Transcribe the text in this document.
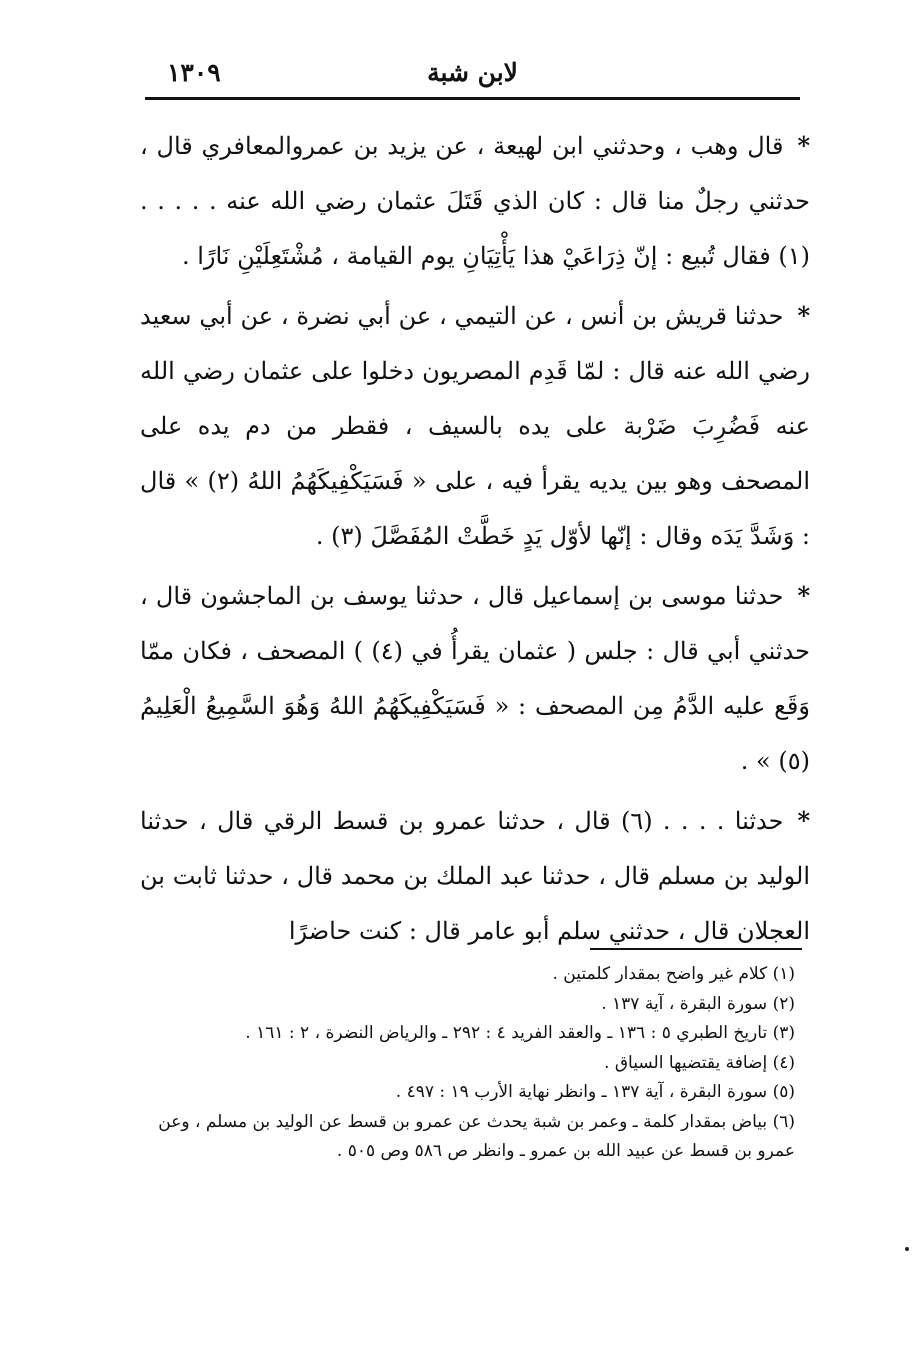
١٣٠٩	لابن شبة

*قال وهب ، وحدثني ابن لهيعة ، عن يزيد بن عمروالمعافري قال ، حدثني رجلٌ منا قال : كان الذي قَتَلَ عثمان رضي الله عنه . . . . . (١) فقال تُبيع : إنّ ذِرَاعَيْ هذا يَأْتِيَانِ يوم القيامة ، مُشْتَعِلَيْنِ نَارًا .

*حدثنا قريش بن أنس ، عن التيمي ، عن أبي نضرة ، عن أبي سعيد رضي الله عنه قال : لمّا قَدِم المصريون دخلوا على عثمان رضي الله عنه فَضُرِبَ ضَرْبة على يده بالسيف ، فقطر من دم يده على المصحف وهو بين يديه يقرأ فيه ، على « فَسَيَكْفِيكَهُمُ اللهُ (٢) » قال : وَشَدَّ يَدَه وقال : إنّها لأوّل يَدٍ خَطَّتْ المُفَصَّلَ (٣) .

*حدثنا موسى بن إسماعيل قال ، حدثنا يوسف بن الماجشون قال ، حدثني أبي قال : جلس ( عثمان يقرأُ في (٤) ) المصحف ، فكان ممّا وَقَع عليه الدَّمُ مِن المصحف : « فَسَيَكْفِيكَهُمُ اللهُ وَهُوَ السَّمِيعُ الْعَلِيمُ (٥) » .

*حدثنا . . . . (٦) قال ، حدثنا عمرو بن قسط الرقي قال ، حدثنا الوليد بن مسلم قال ، حدثنا عبد الملك بن محمد قال ، حدثنا ثابت بن العجلان قال ، حدثني سلم أبو عامر قال : كنت حاضرًا

(١) كلام غير واضح بمقدار كلمتين .

(٢) سورة البقرة ، آية ١٣٧ .

(٣) تاريخ الطبري ٥ : ١٣٦ ـ والعقد الفريد ٤ : ٢٩٢ ـ والرياض النضرة ، ٢ : ١٦١ .

(٤) إضافة يقتضيها السياق .

(٥) سورة البقرة ، آية ١٣٧ ـ وانظر نهاية الأرب ١٩ : ٤٩٧ .

(٦) بياض بمقدار كلمة ـ وعمر بن شبة يحدث عن عمرو بن قسط عن الوليد بن مسلم ، وعن عمرو بن قسط عن عبيد الله بن عمرو ـ وانظر ص ٥٨٦ وص ٥٠٥ .
